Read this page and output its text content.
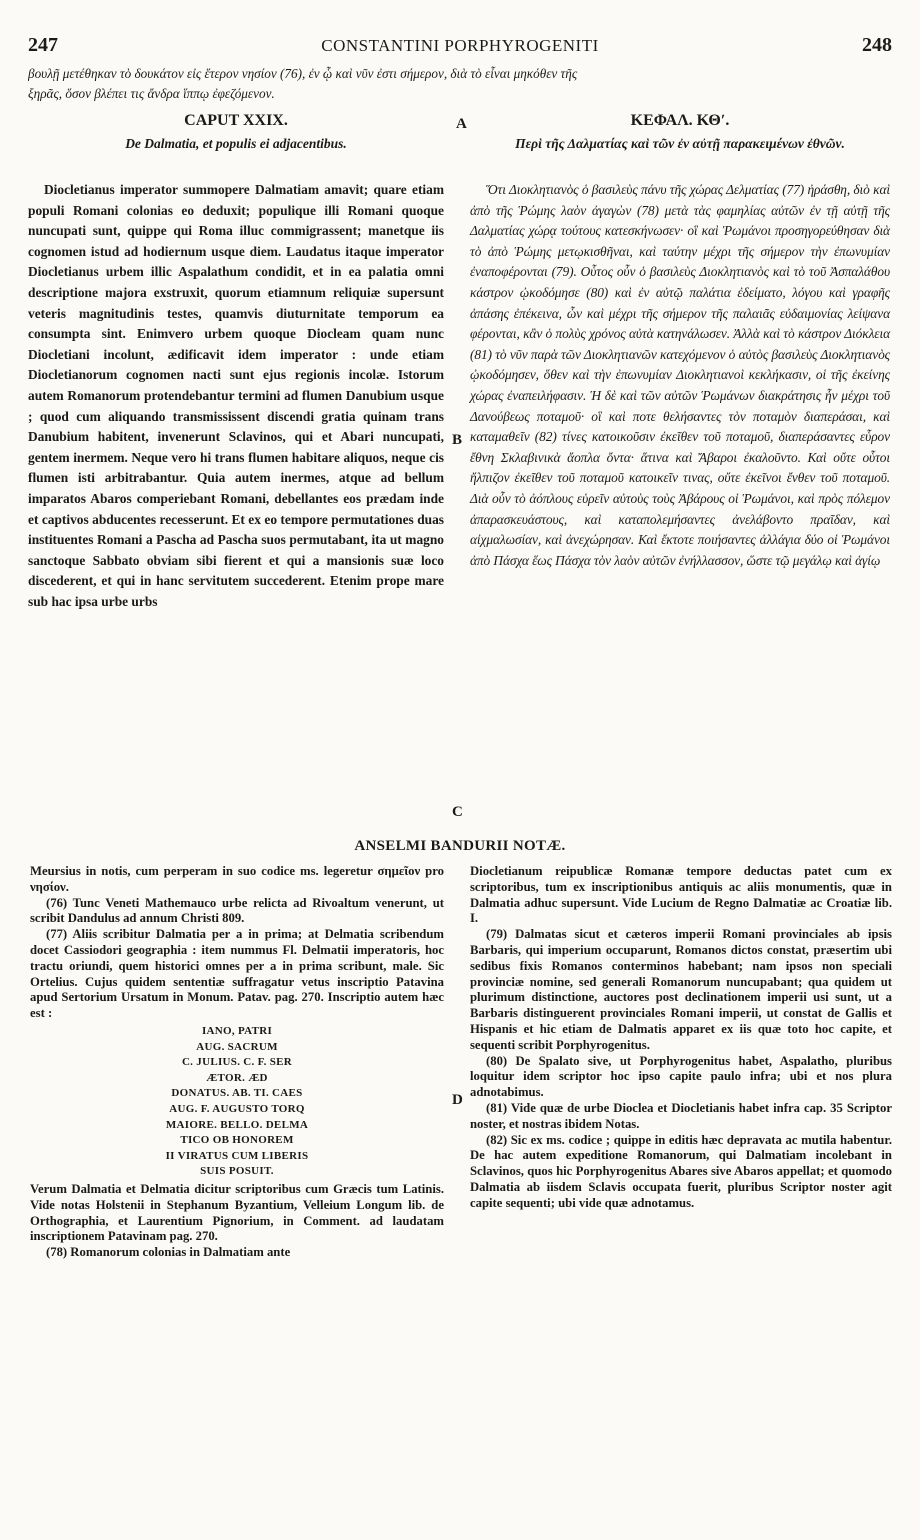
247	CONSTANTINI PORPHYROGENITI	248

βουλῇ μετέθηκαν τὸ δουκάτον εἰς ἕτερον νησίον (76), ἐν ᾧ καὶ νῦν ἐστι σήμερον, διὰ τὸ εἶναι μηκόθεν τῆς

ξηρᾶς, ὅσον βλέπει τις ἄνδρα ἵππῳ ἐφεζόμενον.

CAPUT XXIX.
De Dalmatia, et populis ei adjacentibus.
ΚΕΦΑΛ. ΚΘʹ.
Περὶ τῆς Δαλματίας καὶ τῶν ἐν αὐτῇ παρακειμένων ἐθνῶν.
A
B
C
D

Diocletianus imperator summopere Dalmatiam amavit; quare etiam populi Romani colonias eo deduxit; populique illi Romani quoque nuncupati sunt, quippe qui Roma illuc commigrassent; manetque iis cognomen istud ad hodiernum usque diem. Laudatus itaque imperator Diocletianus urbem illic Aspalathum condidit, et in ea palatia omni descriptione majora exstruxit, quorum etiamnum reliquiæ supersunt veteris magnitudinis testes, quamvis diuturnitate temporum ea consumpta sint. Enimvero urbem quoque Diocleam quam nunc Diocletiani incolunt, ædificavit idem imperator : unde etiam Diocletianorum cognomen nacti sunt ejus regionis incolæ. Istorum autem Romanorum protendebantur termini ad flumen Danubium usque ; quod cum aliquando transmississent discendi gratia quinam trans Danubium habitent, invenerunt Sclavinos, qui et Abari nuncupati, gentem inermem. Neque vero hi trans flumen habitare aliquos, neque cis flumen isti arbitrabantur. Quia autem inermes, atque ad bellum imparatos Abaros comperiebant Romani, debellantes eos prædam inde et captivos abducentes recesserunt. Et ex eo tempore permutationes duas instituentes Romani a Pascha ad Pascha suos permutabant, ita ut magno sanctoque Sabbato obviam sibi fierent et qui a mansionis suæ loco discederent, et qui in hanc servitutem succederent. Etenim prope mare sub hac ipsa urbe urbs

Ὅτι Διοκλητιανὸς ὁ βασιλεὺς πάνυ τῆς χώρας Δελματίας (77) ἠράσθη, διὸ καὶ ἀπὸ τῆς Ῥώμης λαὸν ἀγαγὼν (78) μετὰ τὰς φαμηλίας αὐτῶν ἐν τῇ αὐτῇ τῆς Δαλματίας χώρᾳ τούτους κατεσκήνωσεν· οἳ καὶ Ῥωμάνοι προσηγορεύθησαν διὰ τὸ ἀπὸ Ῥώμης μετῳκισθῆναι, καὶ ταύτην μέχρι τῆς σήμερον τὴν ἐπωνυμίαν ἐναποφέρονται (79). Οὗτος οὖν ὁ βασιλεὺς Διοκλητιανὸς καὶ τὸ τοῦ Ἀσπαλάθου κάστρον ᾠκοδόμησε (80) καὶ ἐν αὐτῷ παλάτια ἐδείματο, λόγου καὶ γραφῆς ἁπάσης ἐπέκεινα, ὧν καὶ μέχρι τῆς σήμερον τῆς παλαιᾶς εὐδαιμονίας λείψανα φέρονται, κἂν ὁ πολὺς χρόνος αὐτὰ κατηνάλωσεν. Ἀλλὰ καὶ τὸ κάστρον Διόκλεια (81) τὸ νῦν παρὰ τῶν Διοκλητιανῶν κατεχόμενον ὁ αὐτὸς βασιλεὺς Διοκλητιανὸς ᾠκοδόμησεν, ὅθεν καὶ τὴν ἐπωνυμίαν Διοκλητιανοὶ κεκλήκασιν, οἱ τῆς ἐκείνης χώρας ἐναπειλήφασιν. Ἡ δὲ καὶ τῶν αὐτῶν Ῥωμάνων διακράτησις ἦν μέχρι τοῦ Δανούβεως ποταμοῦ· οἳ καὶ ποτε θελήσαντες τὸν ποταμὸν διαπεράσαι, καὶ καταμαθεῖν (82) τίνες κατοικοῦσιν ἐκεῖθεν τοῦ ποταμοῦ, διαπεράσαντες εὗρον ἔθνη Σκλαβινικὰ ἄοπλα ὄντα· ἅτινα καὶ Ἄβαροι ἐκαλοῦντο. Καὶ οὔτε οὗτοι ἤλπιζον ἐκεῖθεν τοῦ ποταμοῦ κατοικεῖν τινας, οὔτε ἐκεῖνοι ἔνθεν τοῦ ποταμοῦ. Διὰ οὖν τὸ ἀόπλους εὑρεῖν αὐτοὺς τοὺς Ἀβάρους οἱ Ῥωμάνοι, καὶ πρὸς πόλεμον ἀπαρασκευάστους, καὶ καταπολεμήσαντες ἀνελάβοντο πραῖδαν, καὶ αἰχμαλωσίαν, καὶ ἀνεχώρησαν. Καὶ ἔκτοτε ποιήσαντες ἀλλάγια δύο οἱ Ῥωμάνοι ἀπὸ Πάσχα ἕως Πάσχα τὸν λαὸν αὐτῶν ἐνήλλασσον, ὥστε τῷ μεγάλῳ καὶ ἁγίῳ

ANSELMI BANDURII NOTÆ.

Meursius in notis, cum perperam in suo codice ms. legeretur σημεῖον pro νησίον.

(76) Tunc Veneti Mathemauco urbe relicta ad Rivoaltum venerunt, ut scribit Dandulus ad annum Christi 809.

(77) Aliis scribitur Dalmatia per a in prima; at Delmatia scribendum docet Cassiodori geographia : item nummus Fl. Delmatii imperatoris, hoc tractu oriundi, quem historici omnes per a in prima scribunt, male. Sic Ortelius. Cujus quidem sententiæ suffragatur vetus inscriptio Patavina apud Sertorium Ursatum in Monum. Patav. pag. 270. Inscriptio autem hæc est :

IANO, PATRI
AUG. SACRUM
C. JULIUS. C. F. SER
ÆTOR. ÆD
DONATUS. AB. TI. CAES
AUG. F. AUGUSTO TORQ
MAIORE. BELLO. DELMA
TICO OB HONOREM
II VIRATUS CUM LIBERIS
SUIS POSUIT.

Verum Dalmatia et Delmatia dicitur scriptoribus cum Græcis tum Latinis. Vide notas Holstenii in Stephanum Byzantium, Velleium Longum lib. de Orthographia, et Laurentium Pignorium, in Comment. ad laudatam inscriptionem Patavinam pag. 270.

(78) Romanorum colonias in Dalmatiam ante

Diocletianum reipublicæ Romanæ tempore deductas patet cum ex scriptoribus, tum ex inscriptionibus antiquis ac aliis monumentis, quæ in Dalmatia adhuc supersunt. Vide Lucium de Regno Dalmatiæ ac Croatiæ lib. I.

(79) Dalmatas sicut et cæteros imperii Romani provinciales ab ipsis Barbaris, qui imperium occuparunt, Romanos dictos constat, præsertim ubi sedibus fixis Romanos conterminos habebant; nam ipsos non speciali provinciæ nomine, sed generali Romanorum nuncupabant; qua quidem ut plurimum distinctione, auctores post declinationem imperii usi sunt, ut a Barbaris distinguerent provinciales Romani imperii, ut constat de Gallis et Hispanis et hic etiam de Dalmatis apparet ex iis quæ toto hoc capite, et sequenti scribit Porphyrogenitus.

(80) De Spalato sive, ut Porphyrogenitus habet, Aspalatho, pluribus loquitur idem scriptor hoc ipso capite paulo infra; ubi et nos plura adnotabimus.

(81) Vide quæ de urbe Dioclea et Diocletianis habet infra cap. 35 Scriptor noster, et nostras ibidem Notas.

(82) Sic ex ms. codice ; quippe in editis hæc depravata ac mutila habentur. De hac autem expeditione Romanorum, qui Dalmatiam incolebant in Sclavinos, quos hic Porphyrogenitus Abares sive Abaros appellat; et quomodo Dalmatia ab iisdem Sclavis occupata fuerit, pluribus Scriptor noster agit capite sequenti; ubi vide quæ adnotamus.
